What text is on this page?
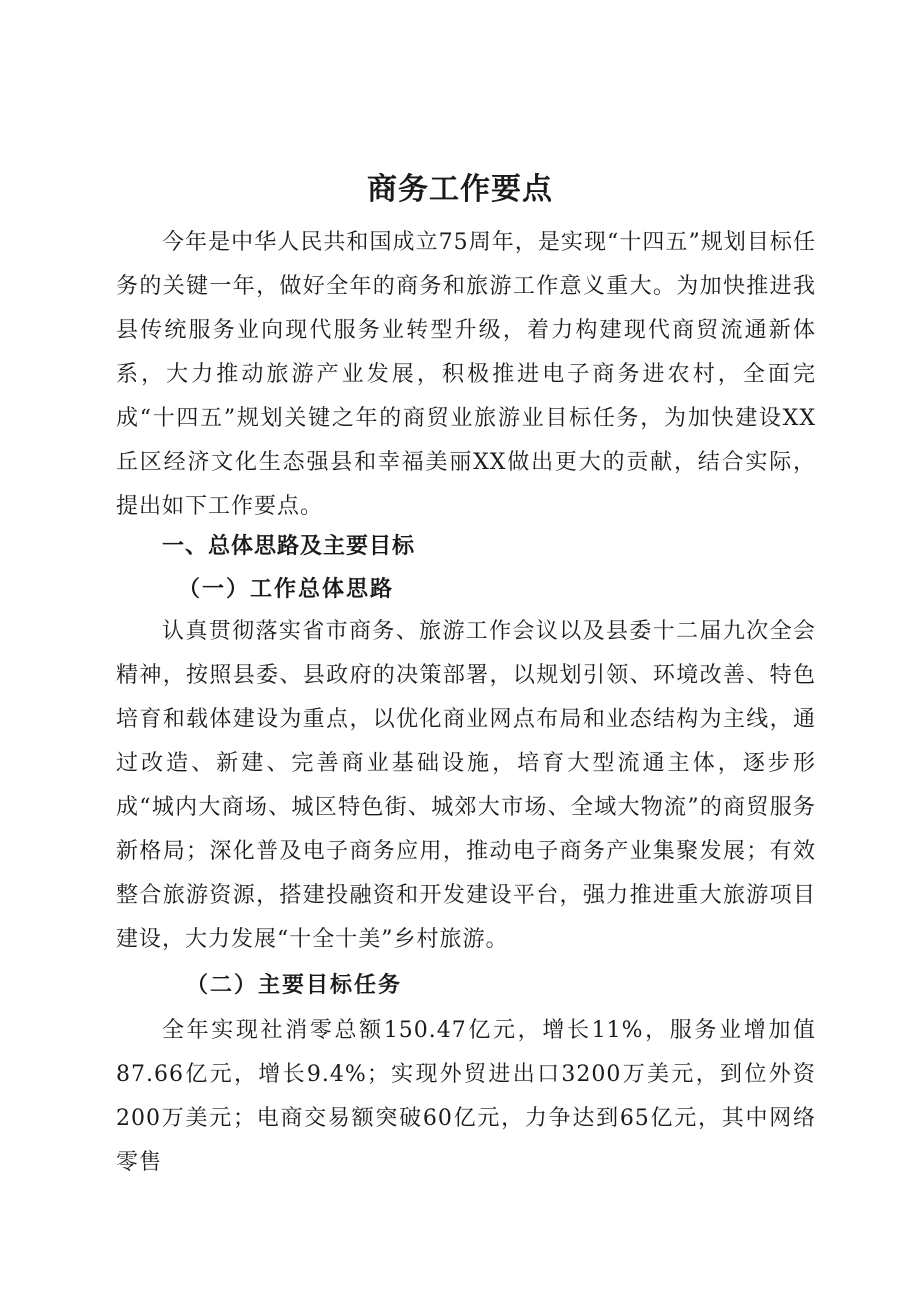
商务工作要点

今年是中华人民共和国成立75周年，是实现“十四五”规划目标任务的关键一年，做好全年的商务和旅游工作意义重大。为加快推进我县传统服务业向现代服务业转型升级，着力构建现代商贸流通新体系，大力推动旅游产业发展，积极推进电子商务进农村，全面完成“十四五”规划关键之年的商贸业旅游业目标任务，为加快建设XX丘区经济文化生态强县和幸福美丽XX做出更大的贡献，结合实际，提出如下工作要点。

一、总体思路及主要目标
（一）工作总体思路

认真贯彻落实省市商务、旅游工作会议以及县委十二届九次全会精神，按照县委、县政府的决策部署，以规划引领、环境改善、特色培育和载体建设为重点，以优化商业网点布局和业态结构为主线，通过改造、新建、完善商业基础设施，培育大型流通主体，逐步形成“城内大商场、城区特色街、城郊大市场、全域大物流”的商贸服务新格局；深化普及电子商务应用，推动电子商务产业集聚发展；有效整合旅游资源，搭建投融资和开发建设平台，强力推进重大旅游项目建设，大力发展“十全十美”乡村旅游。

（二）主要目标任务

全年实现社消零总额150.47亿元，增长11%，服务业增加值87.66亿元，增长9.4%；实现外贸进出口3200万美元，到位外资200万美元；电商交易额突破60亿元，力争达到65亿元，其中网络零售
